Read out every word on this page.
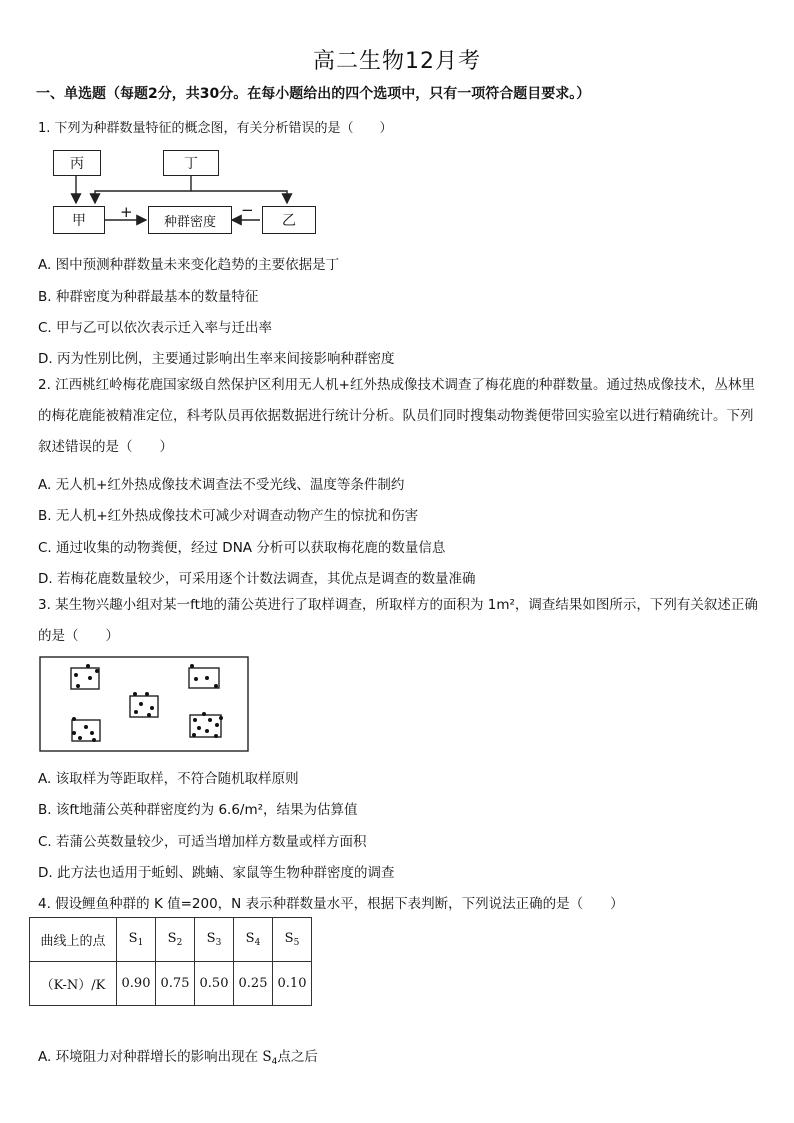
高二生物12月考
一、单选题（每题2分，共30分。在每小题给出的四个选项中，只有一项符合题目要求。）
1. 下列为种群数量特征的概念图，有关分析错误的是（　　）
丙	丁
甲	种群密度	乙
+	−
A. 图中预测种群数量未来变化趋势的主要依据是丁
B. 种群密度为种群最基本的数量特征
C. 甲与乙可以依次表示迁入率与迁出率
D. 丙为性别比例，主要通过影响出生率来间接影响种群密度
2. 江西桃红岭梅花鹿国家级自然保护区利用无人机+红外热成像技术调查了梅花鹿的种群数量。通过热成像技术，丛林里的梅花鹿能被精准定位，科考队员再依据数据进行统计分析。队员们同时搜集动物粪便带回实验室以进行精确统计。下列叙述错误的是（　　）
A. 无人机+红外热成像技术调查法不受光线、温度等条件制约
B. 无人机+红外热成像技术可减少对调查动物产生的惊扰和伤害
C. 通过收集的动物粪便，经过 DNA 分析可以获取梅花鹿的数量信息
D. 若梅花鹿数量较少，可采用逐个计数法调查，其优点是调查的数量准确
3. 某生物兴趣小组对某一ft地的蒲公英进行了取样调查，所取样方的面积为 1m²，调查结果如图所示，下列有关叙述正确的是（　　）
A. 该取样为等距取样，不符合随机取样原则
B. 该ft地蒲公英种群密度约为 6.6/m²，结果为估算值
C. 若蒲公英数量较少，可适当增加样方数量或样方面积
D. 此方法也适用于蚯蚓、跳蝻、家鼠等生物种群密度的调查
4. 假设鲤鱼种群的 K 值=200，N 表示种群数量水平，根据下表判断，下列说法正确的是（　　）
曲线上的点	$S_1$	$S_2$	$S_3$	$S_4$	$S_5$
（K-N）/K	0.90	0.75	0.50	0.25	0.10
A. 环境阻力对种群增长的影响出现在 $S_4$点之后
